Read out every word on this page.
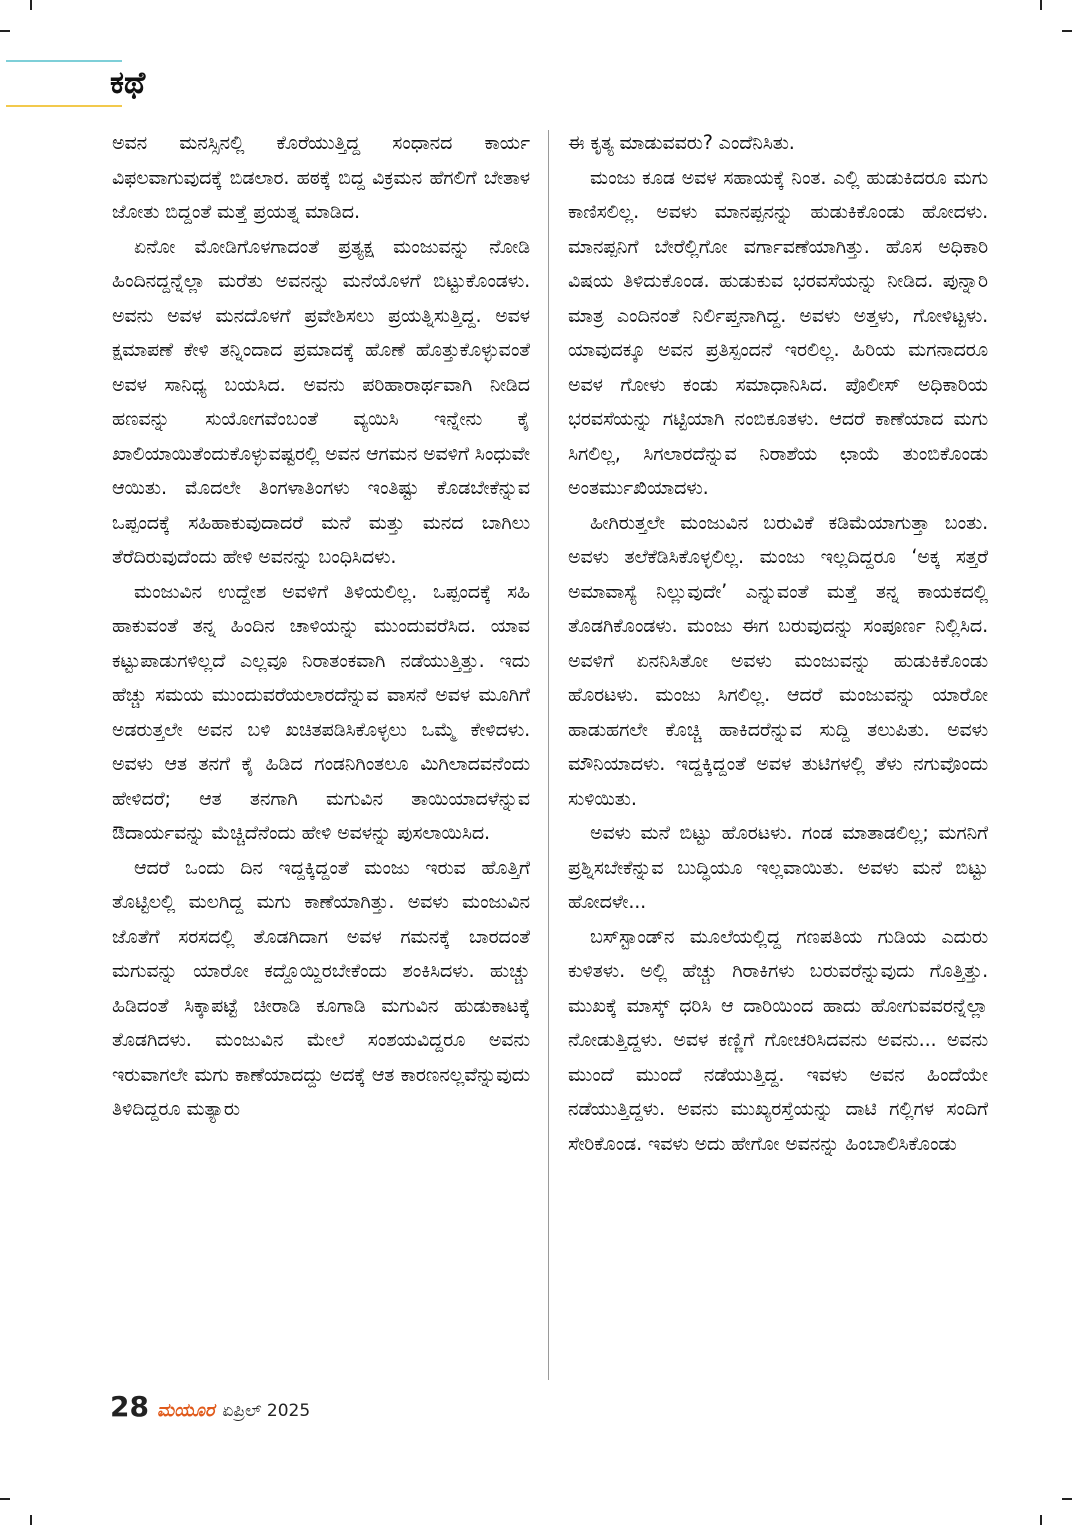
ಕಥೆ

ಅವನ ಮನಸ್ಸಿನಲ್ಲಿ ಕೊರೆಯುತ್ತಿದ್ದ ಸಂಧಾನದ ಕಾರ್ಯ ವಿಫಲವಾಗುವುದಕ್ಕೆ ಬಿಡಲಾರ. ಹಠಕ್ಕೆ ಬಿದ್ದ ವಿಕ್ರಮನ ಹೆಗಲಿಗೆ ಬೇತಾಳ ಜೋತು ಬಿದ್ದಂತೆ ಮತ್ತೆ ಪ್ರಯತ್ನ ಮಾಡಿದ.

ಏನೋ ಮೋಡಿಗೊಳಗಾದಂತೆ ಪ್ರತ್ಯಕ್ಷ ಮಂಜುವನ್ನು ನೋಡಿ ಹಿಂದಿನದ್ದನ್ನೆಲ್ಲಾ ಮರೆತು ಅವನನ್ನು ಮನೆಯೊಳಗೆ ಬಿಟ್ಟುಕೊಂಡಳು. ಅವನು ಅವಳ ಮನದೊಳಗೆ ಪ್ರವೇಶಿಸಲು ಪ್ರಯತ್ನಿಸುತ್ತಿದ್ದ. ಅವಳ ಕ್ಷಮಾಪಣೆ ಕೇಳಿ ತನ್ನಿಂದಾದ ಪ್ರಮಾದಕ್ಕೆ ಹೊಣೆ ಹೊತ್ತುಕೊಳ್ಳುವಂತೆ ಅವಳ ಸಾನಿಧ್ಯ ಬಯಸಿದ. ಅವನು ಪರಿಹಾರಾರ್ಥವಾಗಿ ನೀಡಿದ ಹಣವನ್ನು ಸುಯೋಗವೆಂಬಂತೆ ವ್ಯಯಿಸಿ ಇನ್ನೇನು ಕೈ ಖಾಲಿಯಾಯಿತೆಂದುಕೊಳ್ಳುವಷ್ಟರಲ್ಲಿ ಅವನ ಆಗಮನ ಅವಳಿಗೆ ಸಿಂಧುವೇ ಆಯಿತು. ಮೊದಲೇ ತಿಂಗಳಾತಿಂಗಳು ಇಂತಿಷ್ಟು ಕೊಡಬೇಕೆನ್ನುವ ಒಪ್ಪಂದಕ್ಕೆ ಸಹಿಹಾಕುವುದಾದರೆ ಮನೆ ಮತ್ತು ಮನದ ಬಾಗಿಲು ತೆರೆದಿರುವುದೆಂದು ಹೇಳಿ ಅವನನ್ನು ಬಂಧಿಸಿದಳು.

ಮಂಜುವಿನ ಉದ್ದೇಶ ಅವಳಿಗೆ ತಿಳಿಯಲಿಲ್ಲ. ಒಪ್ಪಂದಕ್ಕೆ ಸಹಿ ಹಾಕುವಂತೆ ತನ್ನ ಹಿಂದಿನ ಚಾಳಿಯನ್ನು ಮುಂದುವರೆಸಿದ. ಯಾವ ಕಟ್ಟುಪಾಡುಗಳಿಲ್ಲದೆ ಎಲ್ಲವೂ ನಿರಾತಂಕವಾಗಿ ನಡೆಯುತ್ತಿತ್ತು. ಇದು ಹೆಚ್ಚು ಸಮಯ ಮುಂದುವರೆಯಲಾರದೆನ್ನುವ ವಾಸನೆ ಅವಳ ಮೂಗಿಗೆ ಅಡರುತ್ತಲೇ ಅವನ ಬಳಿ ಖಚಿತಪಡಿಸಿಕೊಳ್ಳಲು ಒಮ್ಮೆ ಕೇಳಿದಳು. ಅವಳು ಆತ ತನಗೆ ಕೈ ಹಿಡಿದ ಗಂಡನಿಗಿಂತಲೂ ಮಿಗಿಲಾದವನೆಂದು ಹೇಳಿದರೆ; ಆತ ತನಗಾಗಿ ಮಗುವಿನ ತಾಯಿಯಾದಳೆನ್ನುವ ಔದಾರ್ಯವನ್ನು ಮೆಚ್ಚಿದೆನೆಂದು ಹೇಳಿ ಅವಳನ್ನು ಪುಸಲಾಯಿಸಿದ.

ಆದರೆ ಒಂದು ದಿನ ಇದ್ದಕ್ಕಿದ್ದಂತೆ ಮಂಜು ಇರುವ ಹೊತ್ತಿಗೆ ತೊಟ್ಟಿಲಲ್ಲಿ ಮಲಗಿದ್ದ ಮಗು ಕಾಣೆಯಾಗಿತ್ತು. ಅವಳು ಮಂಜುವಿನ ಜೊತೆಗೆ ಸರಸದಲ್ಲಿ ತೊಡಗಿದಾಗ ಅವಳ ಗಮನಕ್ಕೆ ಬಾರದಂತೆ ಮಗುವನ್ನು ಯಾರೋ ಕದ್ದೊಯ್ದಿರಬೇಕೆಂದು ಶಂಕಿಸಿದಳು. ಹುಚ್ಚು ಹಿಡಿದಂತೆ ಸಿಕ್ಕಾಪಟ್ಟೆ ಚೀರಾಡಿ ಕೂಗಾಡಿ ಮಗುವಿನ ಹುಡುಕಾಟಕ್ಕೆ ತೊಡಗಿದಳು. ಮಂಜುವಿನ ಮೇಲೆ ಸಂಶಯವಿದ್ದರೂ ಅವನು ಇರುವಾಗಲೇ ಮಗು ಕಾಣೆಯಾದದ್ದು ಅದಕ್ಕೆ ಆತ ಕಾರಣನಲ್ಲವೆನ್ನುವುದು ತಿಳಿದಿದ್ದರೂ ಮತ್ಯಾರು

ಈ ಕೃತ್ಯ ಮಾಡುವವರು? ಎಂದೆನಿಸಿತು.

ಮಂಜು ಕೂಡ ಅವಳ ಸಹಾಯಕ್ಕೆ ನಿಂತ. ಎಲ್ಲಿ ಹುಡುಕಿದರೂ ಮಗು ಕಾಣಿಸಲಿಲ್ಲ. ಅವಳು ಮಾನಪ್ಪನನ್ನು ಹುಡುಕಿಕೊಂಡು ಹೋದಳು. ಮಾನಪ್ಪನಿಗೆ ಬೇರೆಲ್ಲಿಗೋ ವರ್ಗಾವಣೆಯಾಗಿತ್ತು. ಹೊಸ ಅಧಿಕಾರಿ ವಿಷಯ ತಿಳಿದುಕೊಂಡ. ಹುಡುಕುವ ಭರವಸೆಯನ್ನು ನೀಡಿದ. ಪುನ್ನಾರಿ ಮಾತ್ರ ಎಂದಿನಂತೆ ನಿರ್ಲಿಪ್ತನಾಗಿದ್ದ. ಅವಳು ಅತ್ತಳು, ಗೋಳಿಟ್ಟಳು. ಯಾವುದಕ್ಕೂ ಅವನ ಪ್ರತಿಸ್ಪಂದನೆ ಇರಲಿಲ್ಲ. ಹಿರಿಯ ಮಗನಾದರೂ ಅವಳ ಗೋಳು ಕಂಡು ಸಮಾಧಾನಿಸಿದ. ಪೊಲೀಸ್ ಅಧಿಕಾರಿಯ ಭರವಸೆಯನ್ನು ಗಟ್ಟಿಯಾಗಿ ನಂಬಿಕೂತಳು. ಆದರೆ ಕಾಣೆಯಾದ ಮಗು ಸಿಗಲಿಲ್ಲ, ಸಿಗಲಾರದೆನ್ನುವ ನಿರಾಶೆಯ ಛಾಯೆ ತುಂಬಿಕೊಂಡು ಅಂತರ್ಮುಖಿಯಾದಳು.

ಹೀಗಿರುತ್ತಲೇ ಮಂಜುವಿನ ಬರುವಿಕೆ ಕಡಿಮೆಯಾಗುತ್ತಾ ಬಂತು. ಅವಳು ತಲೆಕೆಡಿಸಿಕೊಳ್ಳಲಿಲ್ಲ. ಮಂಜು ಇಲ್ಲದಿದ್ದರೂ ‘ಅಕ್ಕ ಸತ್ತರೆ ಅಮಾವಾಸ್ಯೆ ನಿಲ್ಲುವುದೇ’ ಎನ್ನುವಂತೆ ಮತ್ತೆ ತನ್ನ ಕಾಯಕದಲ್ಲಿ ತೊಡಗಿಕೊಂಡಳು. ಮಂಜು ಈಗ ಬರುವುದನ್ನು ಸಂಪೂರ್ಣ ನಿಲ್ಲಿಸಿದ. ಅವಳಿಗೆ ಏನನಿಸಿತೋ ಅವಳು ಮಂಜುವನ್ನು ಹುಡುಕಿಕೊಂಡು ಹೊರಟಳು. ಮಂಜು ಸಿಗಲಿಲ್ಲ. ಆದರೆ ಮಂಜುವನ್ನು ಯಾರೋ ಹಾಡುಹಗಲೇ ಕೊಚ್ಚಿ ಹಾಕಿದರೆನ್ನುವ ಸುದ್ದಿ ತಲುಪಿತು. ಅವಳು ಮೌನಿಯಾದಳು. ಇದ್ದಕ್ಕಿದ್ದಂತೆ ಅವಳ ತುಟಿಗಳಲ್ಲಿ ತೆಳು ನಗುವೊಂದು ಸುಳಿಯಿತು.

ಅವಳು ಮನೆ ಬಿಟ್ಟು ಹೊರಟಳು. ಗಂಡ ಮಾತಾಡಲಿಲ್ಲ; ಮಗನಿಗೆ ಪ್ರಶ್ನಿಸಬೇಕೆನ್ನುವ ಬುದ್ಧಿಯೂ ಇಲ್ಲವಾಯಿತು. ಅವಳು ಮನೆ ಬಿಟ್ಟು ಹೋದಳೇ...

ಬಸ್‌ಸ್ಟಾಂಡ್‌ನ ಮೂಲೆಯಲ್ಲಿದ್ದ ಗಣಪತಿಯ ಗುಡಿಯ ಎದುರು ಕುಳಿತಳು. ಅಲ್ಲಿ ಹೆಚ್ಚು ಗಿರಾಕಿಗಳು ಬರುವರೆನ್ನುವುದು ಗೊತ್ತಿತ್ತು. ಮುಖಕ್ಕೆ ಮಾಸ್ಕ್ ಧರಿಸಿ ಆ ದಾರಿಯಿಂದ ಹಾದು ಹೋಗುವವರನ್ನೆಲ್ಲಾ ನೋಡುತ್ತಿದ್ದಳು. ಅವಳ ಕಣ್ಣಿಗೆ ಗೋಚರಿಸಿದವನು ಅವನು... ಅವನು ಮುಂದೆ ಮುಂದೆ ನಡೆಯುತ್ತಿದ್ದ. ಇವಳು ಅವನ ಹಿಂದೆಯೇ ನಡೆಯುತ್ತಿದ್ದಳು. ಅವನು ಮುಖ್ಯರಸ್ತೆಯನ್ನು ದಾಟಿ ಗಲ್ಲಿಗಳ ಸಂದಿಗೆ ಸೇರಿಕೊಂಡ. ಇವಳು ಅದು ಹೇಗೋ ಅವನನ್ನು ಹಿಂಬಾಲಿಸಿಕೊಂಡು

28 ಮಯೂರ ಏಪ್ರಿಲ್ 2025
